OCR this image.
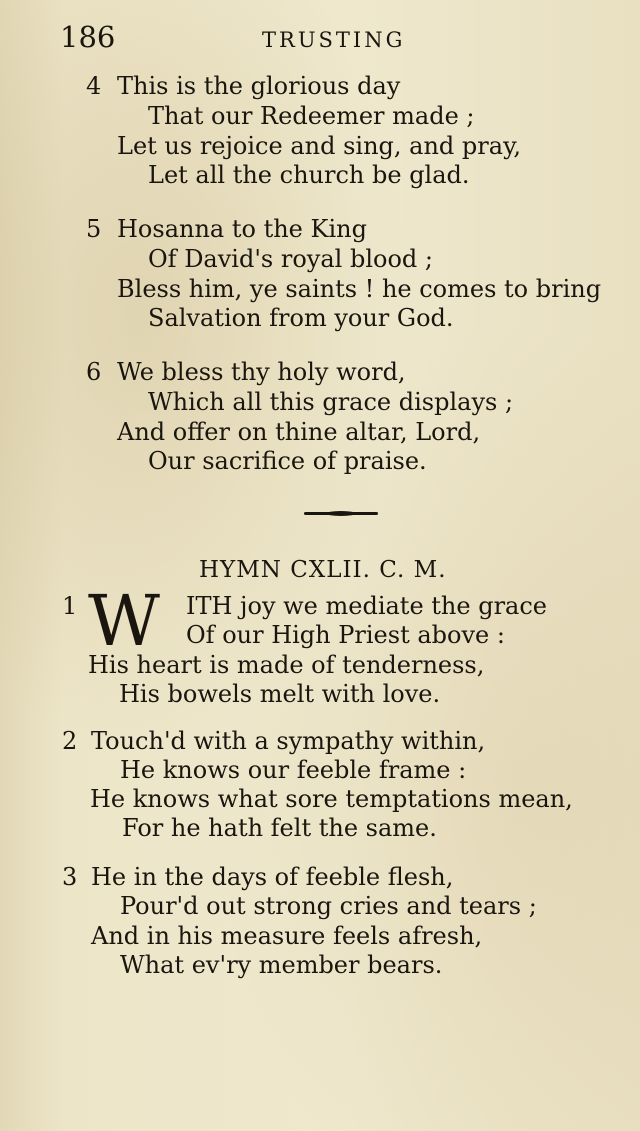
186	TRUSTING
4 This is the glorious day
That our Redeemer made ;
Let us rejoice and sing, and pray,
Let all the church be glad.
5 Hosanna to the King
Of David's royal blood ;
Bless him, ye saints ! he comes to bring
Salvation from your God.
6 We bless thy holy word,
Which all this grace displays ;
And offer on thine altar, Lord,
Our sacrifice of praise.
HYMN CXLII. C. M.
1 W ITH joy we mediate the grace
Of our High Priest above :
His heart is made of tenderness,
His bowels melt with love.
2 Touch'd with a sympathy within,
He knows our feeble frame :
He knows what sore temptations mean,
For he hath felt the same.
3 He in the days of feeble flesh,
Pour'd out strong cries and tears ;
And in his measure feels afresh,
What ev'ry member bears.
